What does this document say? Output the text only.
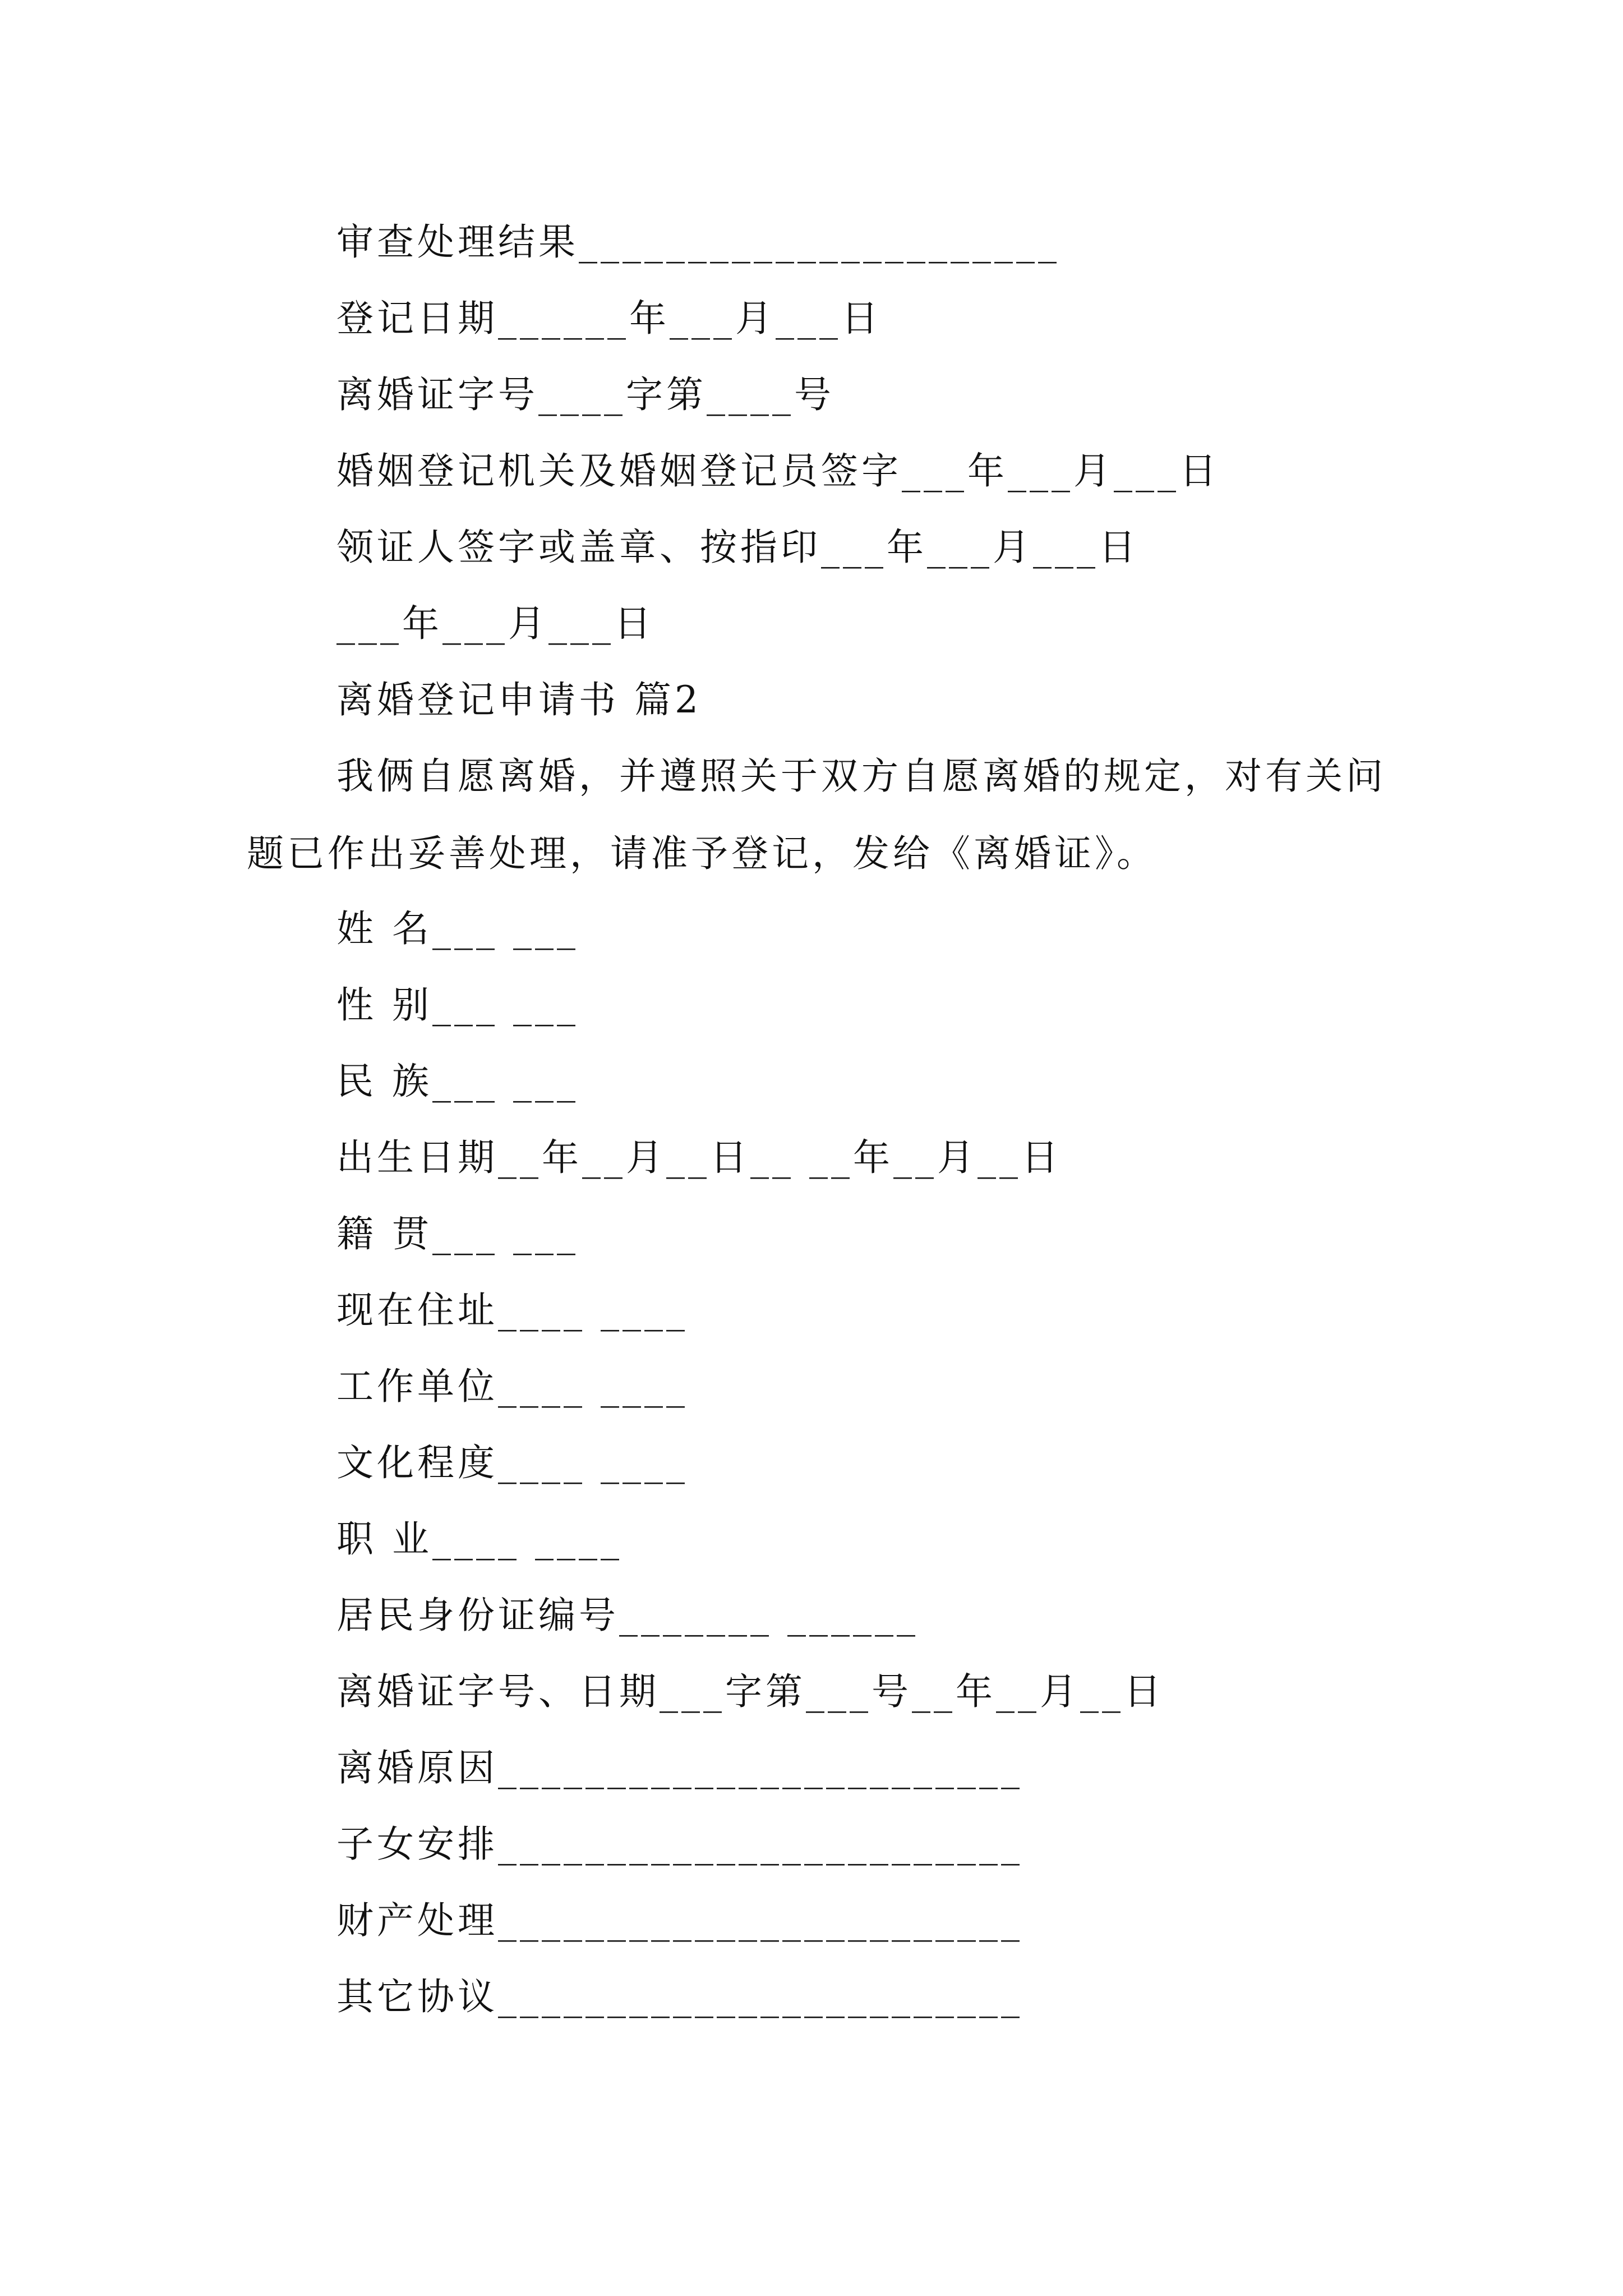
审查处理结果______________________
登记日期______年___月___日
离婚证字号____字第____号
婚姻登记机关及婚姻登记员签字___年___月___日
领证人签字或盖章、按指印___年___月___日
___年___月___日
离婚登记申请书 篇2
我俩自愿离婚，并遵照关于双方自愿离婚的规定，对有关问题已作出妥善处理，请准予登记，发给《离婚证》。
姓 名___ ___
性 别___ ___
民 族___ ___
出生日期__年__月__日__ __年__月__日
籍 贯___ ___
现在住址____ ____
工作单位____ ____
文化程度____ ____
职 业____ ____
居民身份证编号_______ ______
离婚证字号、日期___字第___号__年__月__日
离婚原因________________________
子女安排________________________
财产处理________________________
其它协议________________________
